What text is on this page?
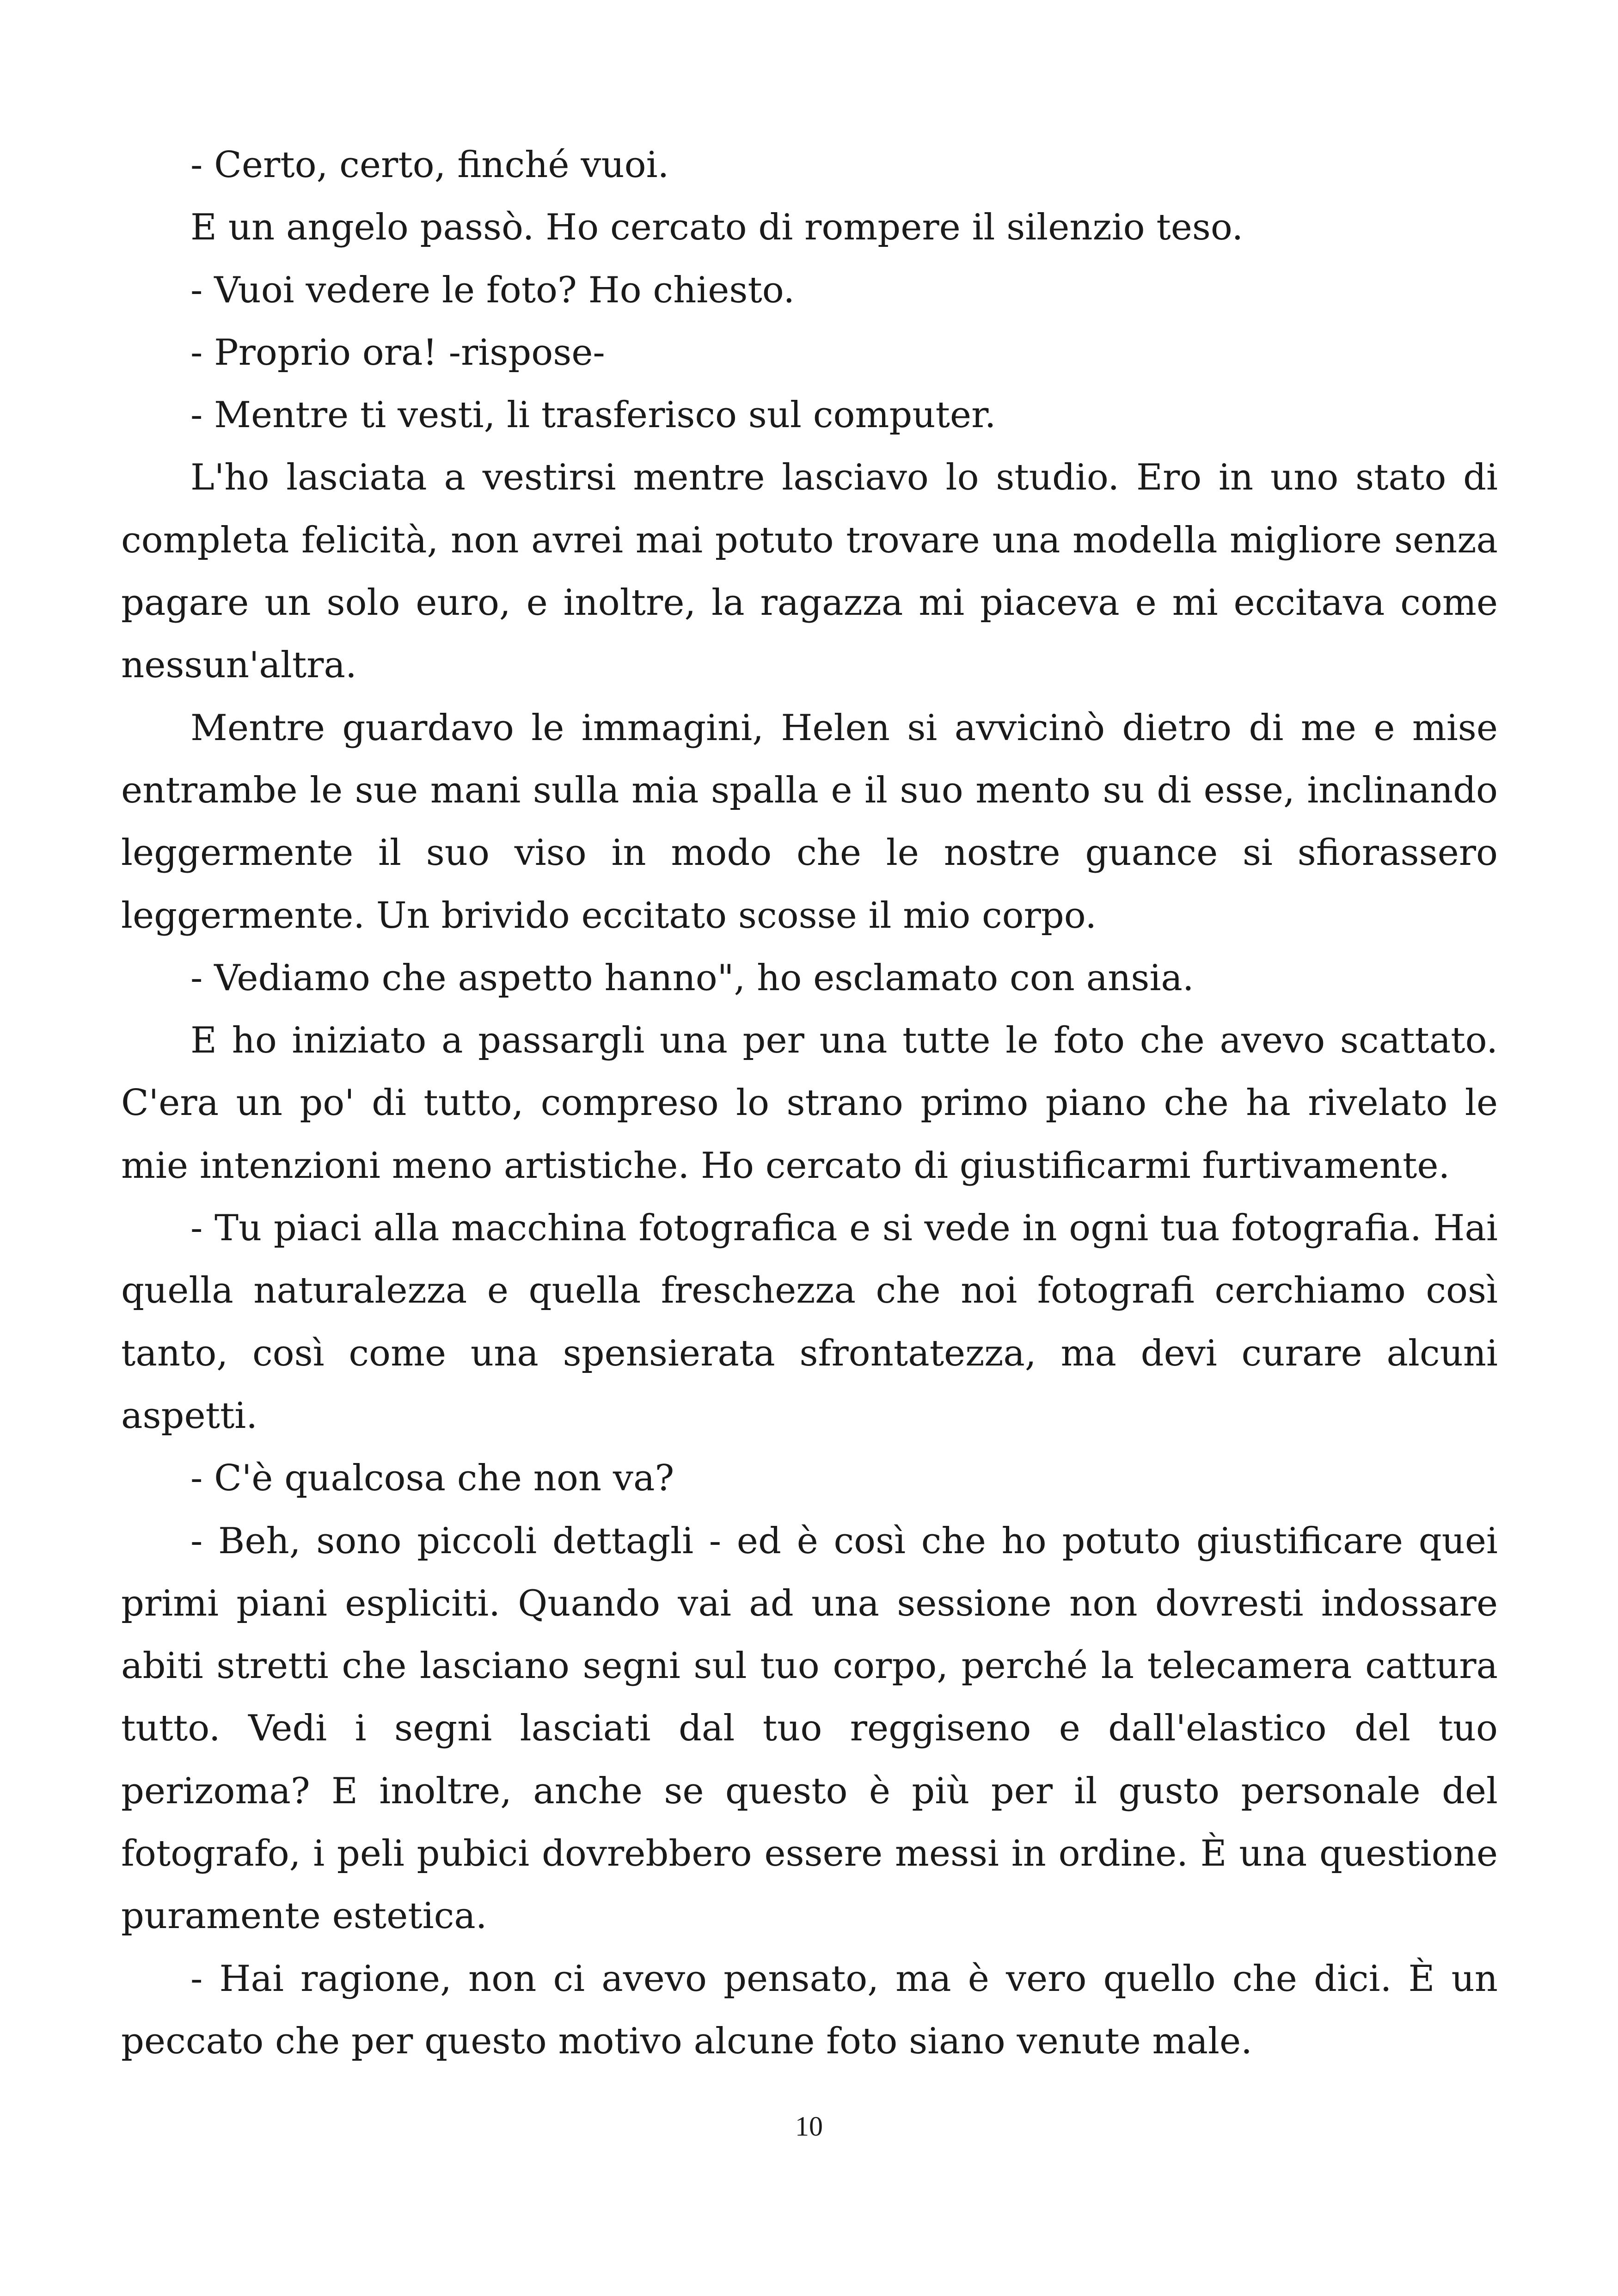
- Certo, certo, finché vuoi.

E un angelo passò. Ho cercato di rompere il silenzio teso.

- Vuoi vedere le foto? Ho chiesto.

- Proprio ora! -rispose-

- Mentre ti vesti, li trasferisco sul computer.

L'ho lasciata a vestirsi mentre lasciavo lo studio. Ero in uno stato di completa felicità, non avrei mai potuto trovare una modella migliore senza pagare un solo euro, e inoltre, la ragazza mi piaceva e mi eccitava come nessun'altra.

Mentre guardavo le immagini, Helen si avvicinò dietro di me e mise entrambe le sue mani sulla mia spalla e il suo mento su di esse, inclinando leggermente il suo viso in modo che le nostre guance si sfiorassero leggermente. Un brivido eccitato scosse il mio corpo.

- Vediamo che aspetto hanno", ho esclamato con ansia.

E ho iniziato a passargli una per una tutte le foto che avevo scattato. C'era un po' di tutto, compreso lo strano primo piano che ha rivelato le mie intenzioni meno artistiche. Ho cercato di giustificarmi furtivamente.

- Tu piaci alla macchina fotografica e si vede in ogni tua fotografia. Hai quella naturalezza e quella freschezza che noi fotografi cerchiamo così tanto, così come una spensierata sfrontatezza, ma devi curare alcuni aspetti.

- C'è qualcosa che non va?

- Beh, sono piccoli dettagli - ed è così che ho potuto giustificare quei primi piani espliciti. Quando vai ad una sessione non dovresti indossare abiti stretti che lasciano segni sul tuo corpo, perché la telecamera cattura tutto. Vedi i segni lasciati dal tuo reggiseno e dall'elastico del tuo perizoma? E inoltre, anche se questo è più per il gusto personale del fotografo, i peli pubici dovrebbero essere messi in ordine. È una questione puramente estetica.

- Hai ragione, non ci avevo pensato, ma è vero quello che dici. È un peccato che per questo motivo alcune foto siano venute male.

10
